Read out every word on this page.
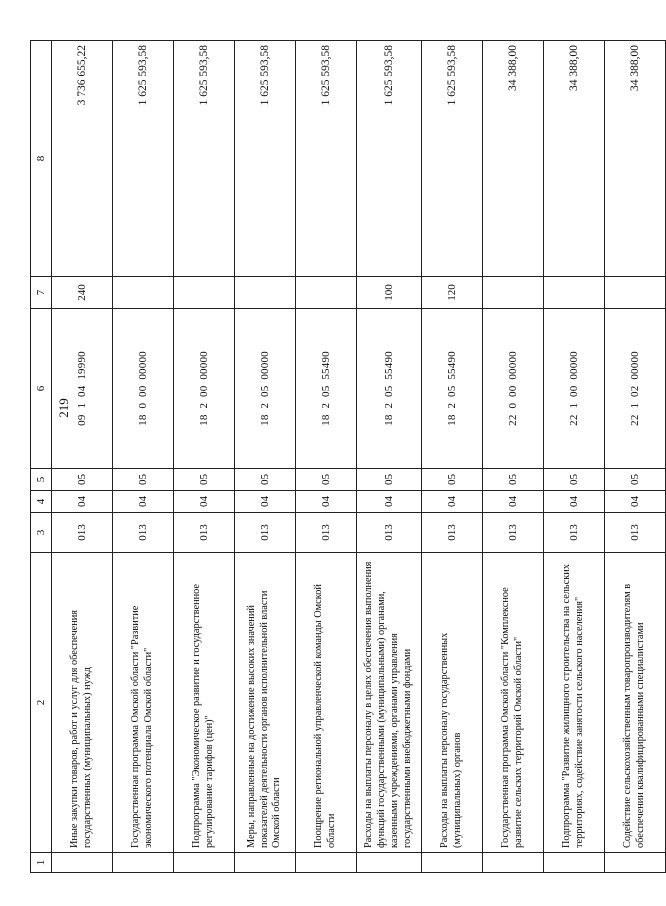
219
1	2	3	4	5	6	7	8
	Иные закупки товаров, работ и услуг для обеспечения государственных (муниципальных) нужд	013	04	05	09  1  04  19990	240	3 736 655,22
	Государственная программа Омской области "Развитие экономического потенциала Омской области"	013	04	05	18  0  00  00000		1 625 593,58
	Подпрограмма "Экономическое развитие и государственное регулирование тарифов (цен)"	013	04	05	18  2  00  00000		1 625 593,58
	Меры, направленные на достижение высоких значений показателей деятельности органов исполнительной власти Омской области	013	04	05	18  2  05  00000		1 625 593,58
	Поощрение региональной управленческой команды Омской области	013	04	05	18  2  05  55490		1 625 593,58
	Расходы на выплаты персоналу в целях обеспечения выполнения функций государственными (муниципальными) органами, казенными учреждениями, органами управления государственными внебюджетными фондами	013	04	05	18  2  05  55490	100	1 625 593,58
	Расходы на выплаты персоналу государственных (муниципальных) органов	013	04	05	18  2  05  55490	120	1 625 593,58
	Государственная программа Омской области "Комплексное развитие сельских территорий Омской области"	013	04	05	22  0  00  00000		34 388,00
	Подпрограмма "Развитие жилищного строительства на сельских территориях, содействие занятости сельского населения"	013	04	05	22  1  00  00000		34 388,00
	Содействие сельскохозяйственным товаропроизводителям в обеспечении квалифицированными специалистами	013	04	05	22  1  02  00000		34 388,00
